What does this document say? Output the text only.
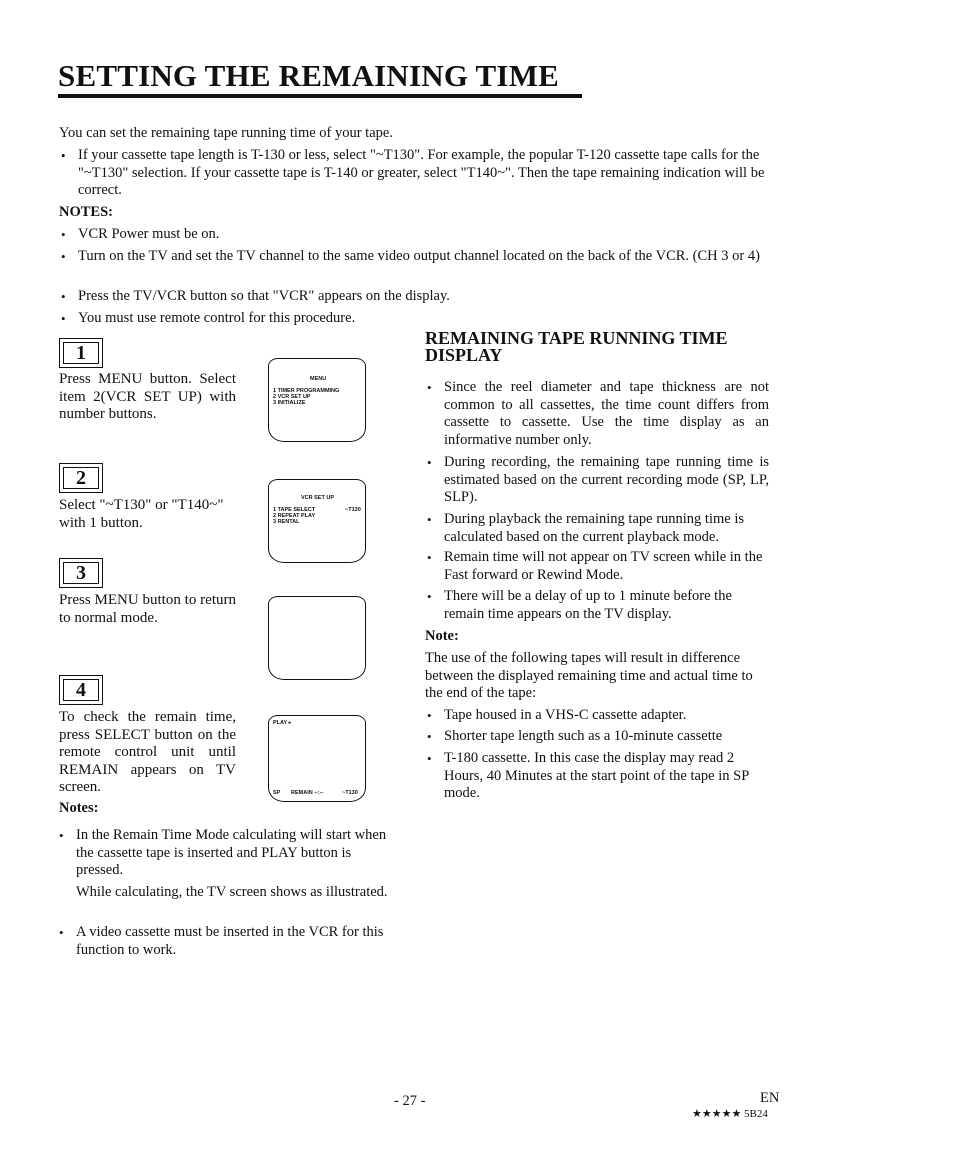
SETTING THE REMAINING TIME
You can set the remaining tape running time of your tape.
• If your cassette tape length is T-130 or less, select "~T130". For example, the popular T-120 cassette tape calls for the "~T130" selection. If your cassette tape is T-140 or greater, select "T140~". Then the tape remaining indication will be correct.
NOTES:
• VCR Power must be on.
• Turn on the TV and set the TV channel to the same video output channel located on the back of the VCR. (CH 3 or 4)
• Press the TV/VCR button so that "VCR" appears on the display.
• You must use remote control for this procedure.
1
Press MENU button. Select item 2(VCR SET UP) with number buttons.
MENU
1 TIMER PROGRAMMING
2 VCR SET UP
3 INITIALIZE
2
Select "~T130" or "T140~" with 1 button.
VCR SET UP
1 TAPE SELECT
2 REPEAT PLAY
3 RENTAL
~T130
3
Press MENU button to return to normal mode.
4
To check the remain time, press SELECT button on the remote control unit until REMAIN appears on TV screen.
PLAY ▸
SP REMAIN --:--	~T130
Notes:
• In the Remain Time Mode calculating will start when the cassette tape is inserted and PLAY button is pressed.
While calculating, the TV screen shows as illustrated.
• A video cassette must be inserted in the VCR for this function to work.
REMAINING TAPE RUNNING TIME DISPLAY
• Since the reel diameter and tape thickness are not common to all cassettes, the time count differs from cassette to cassette. Use the time display as an informative number only.
• During recording, the remaining tape running time is estimated based on the current recording mode (SP, LP, SLP).
• During playback the remaining tape running time is calculated based on the current playback mode.
• Remain time will not appear on TV screen while in the Fast forward or Rewind Mode.
• There will be a delay of up to 1 minute before the remain time appears on the TV display.
Note:
The use of the following tapes will result in difference between the displayed remaining time and actual time to the end of the tape:
• Tape housed in a VHS-C cassette adapter.
• Shorter tape length such as a 10-minute cassette
• T-180 cassette. In this case the display may read 2 Hours, 40 Minutes at the start point of the tape in SP mode.
- 27 -	EN
★★★★★ 5B24
